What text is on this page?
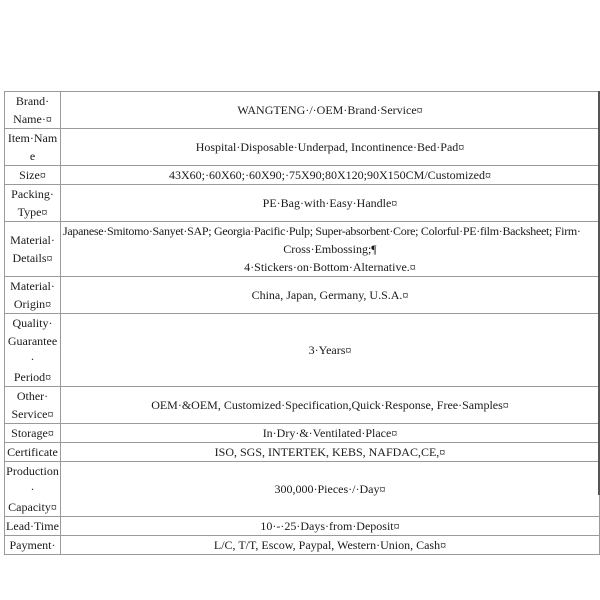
Brand·
Name·¤	WANGTENG·/·OEM·Brand·Service¤

Item·Name	Hospital·Disposable·Underpad, Incontinence·Bed·Pad¤

Size¤	43X60;·60X60;·60X90;·75X90;80X120;90X150CM/Customized¤

Packing·
Type¤	PE·Bag·with·Easy·Handle¤

Material·
Details¤	Japanese·Smitomo·Sanyet·SAP; Georgia·Pacific·Pulp; Super-absorbent·Core; Colorful·PE·film·Backsheet; Firm·
Cross·Embossing;¶
4·Stickers·on·Bottom·Alternative.¤

Material·
Origin¤	China, Japan, Germany, U.S.A.¤

Quality·
Guarantee·
Period¤	3·Years¤

Other·
Service¤	OEM·&OEM, Customized·Specification,Quick·Response, Free·Samples¤

Storage¤	In·Dry·&·Ventilated·Place¤

Certificate	ISO, SGS, INTERTEK, KEBS, NAFDAC,CE,¤

Production·
Capacity¤	300,000·Pieces·/·Day¤

Lead·Time	10·-·25·Days·from·Deposit¤

Payment·	L/C, T/T, Escow, Paypal, Western·Union, Cash¤
